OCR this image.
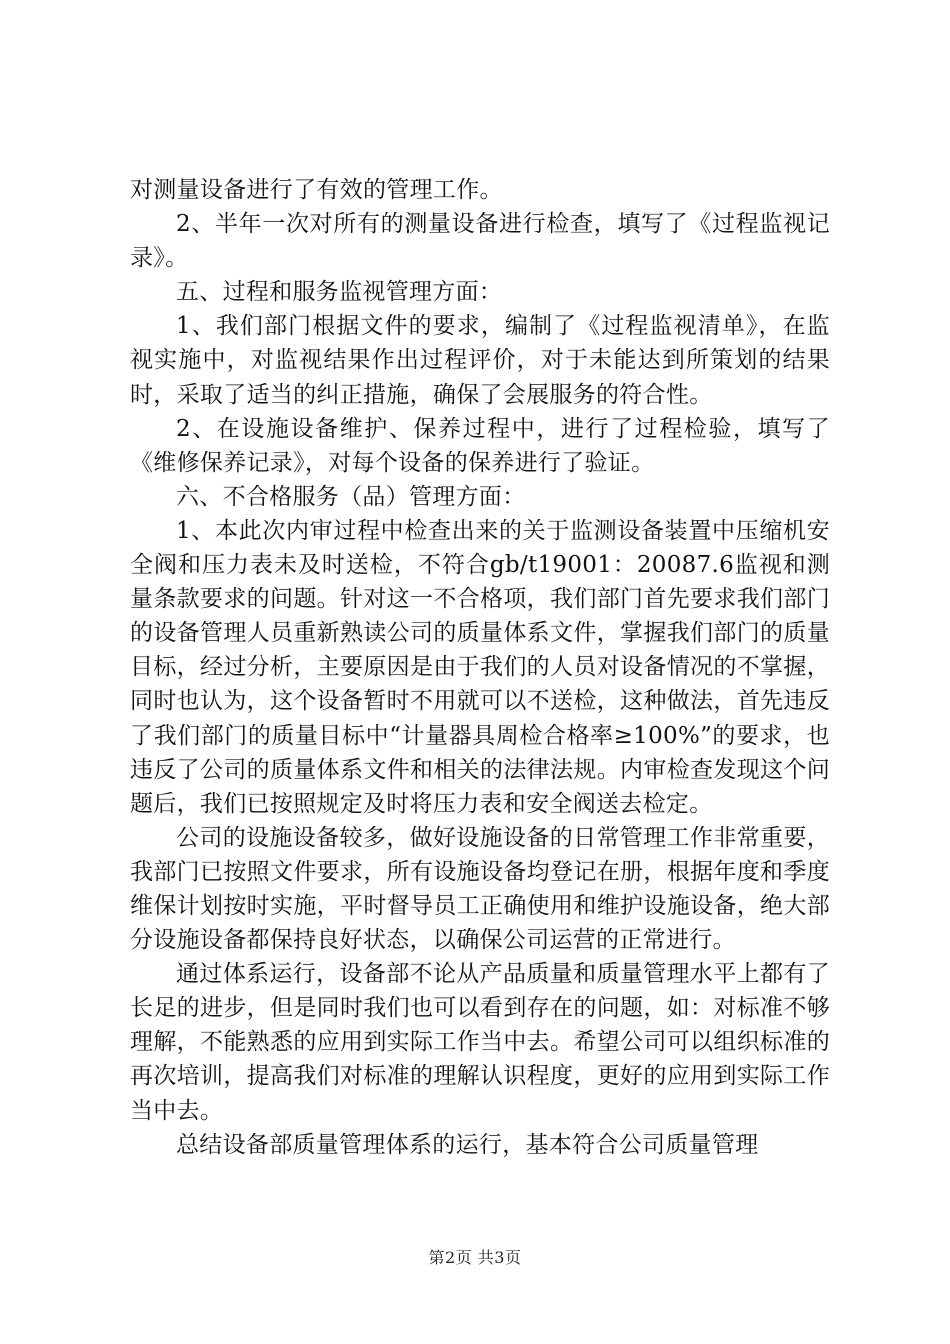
对测量设备进行了有效的管理工作。

2、半年一次对所有的测量设备进行检查，填写了《过程监视记录》。

五、过程和服务监视管理方面：

1、我们部门根据文件的要求，编制了《过程监视清单》，在监视实施中，对监视结果作出过程评价，对于未能达到所策划的结果时，采取了适当的纠正措施，确保了会展服务的符合性。

2、在设施设备维护、保养过程中，进行了过程检验，填写了《维修保养记录》，对每个设备的保养进行了验证。

六、不合格服务（品）管理方面：

1、本此次内审过程中检查出来的关于监测设备装置中压缩机安全阀和压力表未及时送检，不符合gb/t19001：20087.6监视和测量条款要求的问题。针对这一不合格项，我们部门首先要求我们部门的设备管理人员重新熟读公司的质量体系文件，掌握我们部门的质量目标，经过分析，主要原因是由于我们的人员对设备情况的不掌握，同时也认为，这个设备暂时不用就可以不送检，这种做法，首先违反了我们部门的质量目标中“计量器具周检合格率≥100%”的要求，也违反了公司的质量体系文件和相关的法律法规。内审检查发现这个问题后，我们已按照规定及时将压力表和安全阀送去检定。

公司的设施设备较多，做好设施设备的日常管理工作非常重要，我部门已按照文件要求，所有设施设备均登记在册，根据年度和季度维保计划按时实施，平时督导员工正确使用和维护设施设备，绝大部分设施设备都保持良好状态，以确保公司运营的正常进行。

通过体系运行，设备部不论从产品质量和质量管理水平上都有了长足的进步，但是同时我们也可以看到存在的问题，如：对标准不够理解，不能熟悉的应用到实际工作当中去。希望公司可以组织标准的再次培训，提高我们对标准的理解认识程度，更好的应用到实际工作当中去。

总结设备部质量管理体系的运行，基本符合公司质量管理

第2页 共3页
